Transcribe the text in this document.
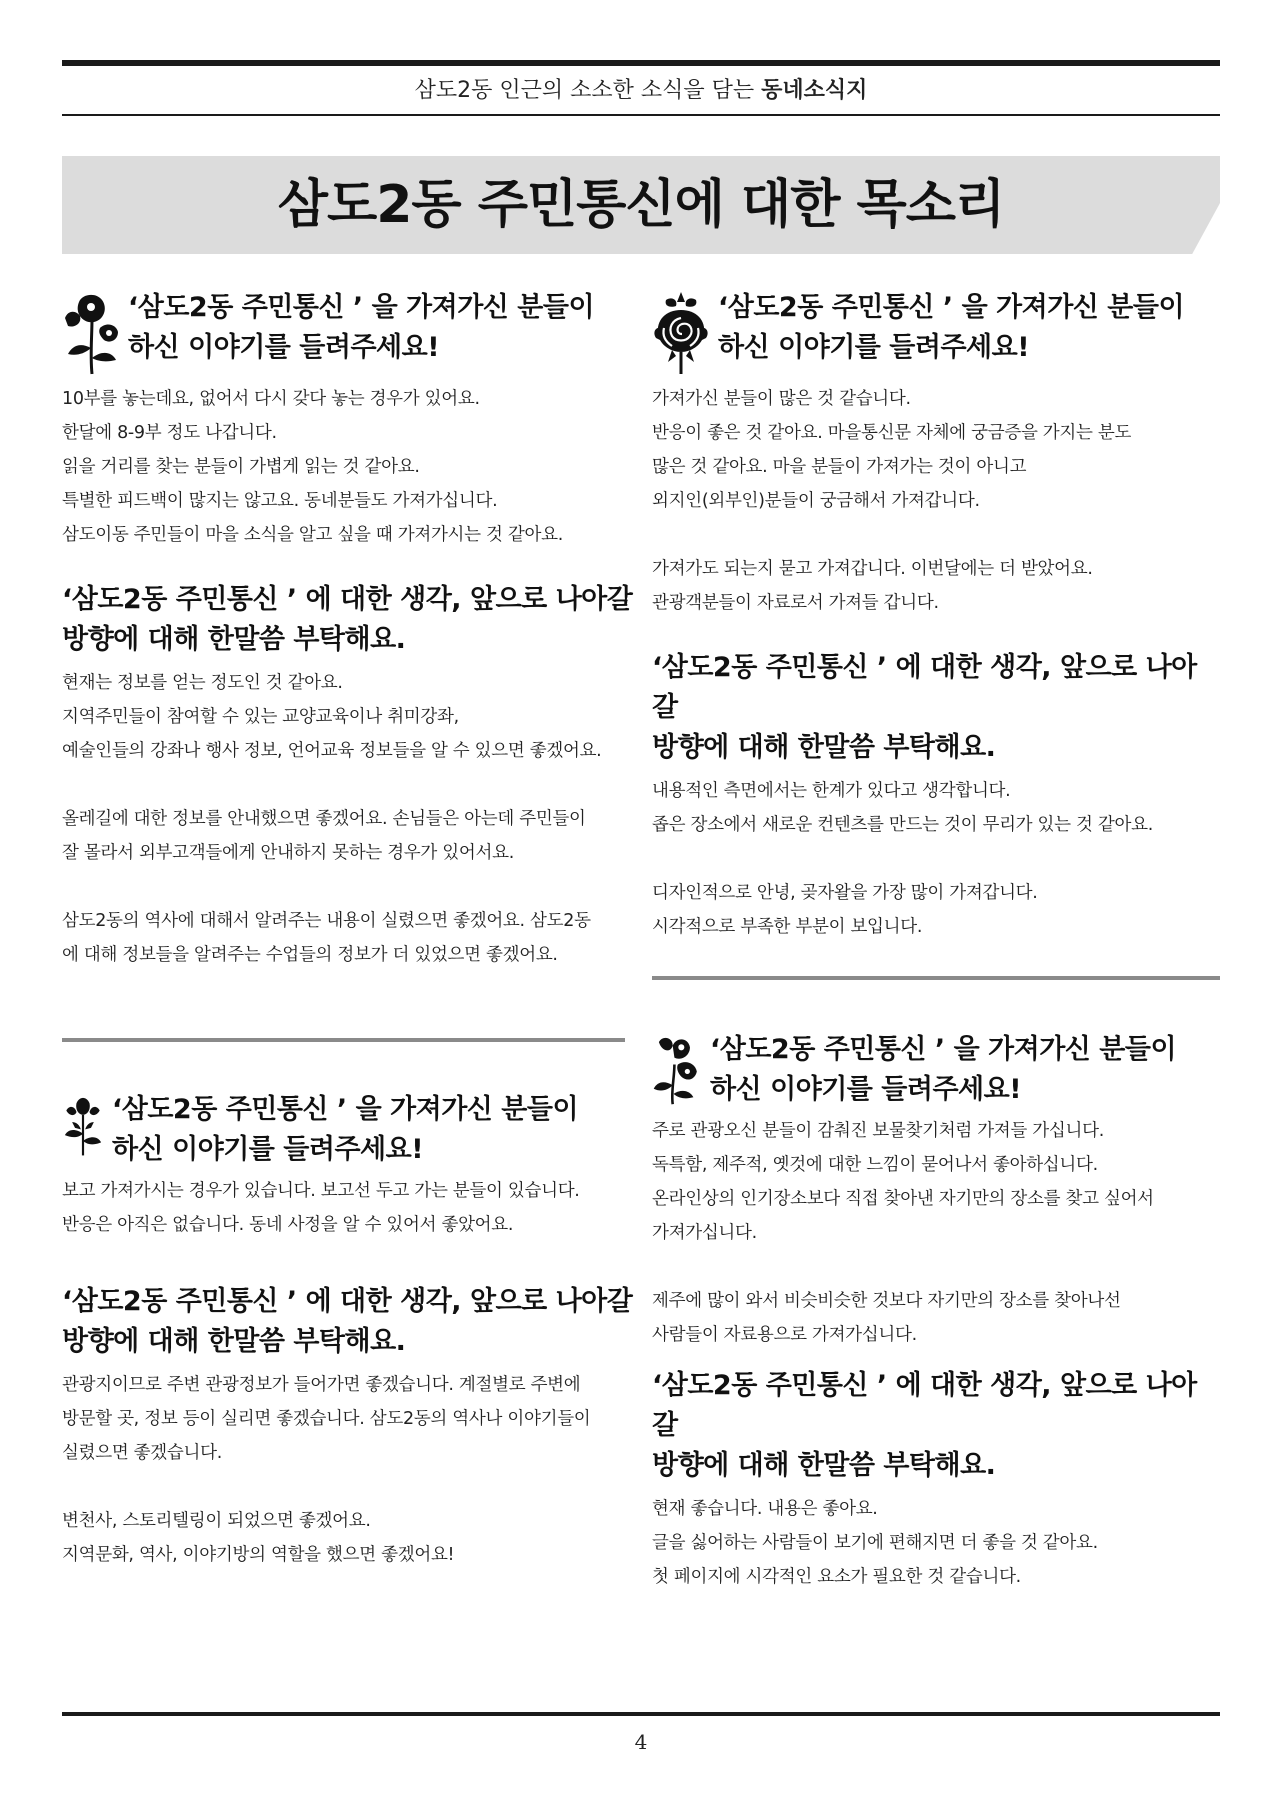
삼도2동 인근의 소소한 소식을 담는 동네소식지
삼도2동 주민통신에 대한 목소리

‘삼도2동 주민통신 ’ 을 가져가신 분들이

하신 이야기를 들려주세요!

10부를 놓는데요, 없어서 다시 갖다 놓는 경우가 있어요.

한달에 8-9부 정도 나갑니다.

읽을 거리를 찾는 분들이 가볍게 읽는 것 같아요.

특별한 피드백이 많지는 않고요. 동네분들도 가져가십니다.

삼도이동 주민들이 마을 소식을 알고 싶을 때 가져가시는 것 같아요.

‘삼도2동 주민통신 ’ 에 대한 생각, 앞으로 나아갈

방향에 대해 한말씀 부탁해요.

현재는 정보를 얻는 정도인 것 같아요.

지역주민들이 참여할 수 있는 교양교육이나 취미강좌,

예술인들의 강좌나 행사 정보, 언어교육 정보들을 알 수 있으면 좋겠어요.

올레길에 대한 정보를 안내했으면 좋겠어요. 손님들은 아는데 주민들이

잘 몰라서 외부고객들에게 안내하지 못하는 경우가 있어서요.

삼도2동의 역사에 대해서 알려주는 내용이 실렸으면 좋겠어요. 삼도2동

에 대해 정보들을 알려주는 수업들의 정보가 더 있었으면 좋겠어요.

‘삼도2동 주민통신 ’ 을 가져가신 분들이

하신 이야기를 들려주세요!

가져가신 분들이 많은 것 같습니다.

반응이 좋은 것 같아요. 마을통신문 자체에 궁금증을 가지는 분도

많은 것 같아요. 마을 분들이 가져가는 것이 아니고

외지인(외부인)분들이 궁금해서 가져갑니다.

가져가도 되는지 묻고 가져갑니다. 이번달에는 더 받았어요.

관광객분들이 자료로서 가져들 갑니다.

‘삼도2동 주민통신 ’ 에 대한 생각, 앞으로 나아갈

방향에 대해 한말씀 부탁해요.

내용적인 측면에서는 한계가 있다고 생각합니다.

좁은 장소에서 새로운 컨텐츠를 만드는 것이 무리가 있는 것 같아요.

디자인적으로 안녕, 곶자왈을 가장 많이 가져갑니다.

시각적으로 부족한 부분이 보입니다.

‘삼도2동 주민통신 ’ 을 가져가신 분들이

하신 이야기를 들려주세요!

보고 가져가시는 경우가 있습니다. 보고선 두고 가는 분들이 있습니다.

반응은 아직은 없습니다. 동네 사정을 알 수 있어서 좋았어요.

‘삼도2동 주민통신 ’ 에 대한 생각, 앞으로 나아갈

방향에 대해 한말씀 부탁해요.

관광지이므로 주변 관광정보가 들어가면 좋겠습니다. 계절별로 주변에

방문할 곳, 정보 등이 실리면 좋겠습니다. 삼도2동의 역사나 이야기들이

실렸으면 좋겠습니다.

변천사, 스토리텔링이 되었으면 좋겠어요.

지역문화, 역사, 이야기방의 역할을 했으면 좋겠어요!

‘삼도2동 주민통신 ’ 을 가져가신 분들이

하신 이야기를 들려주세요!

주로 관광오신 분들이 감춰진 보물찾기처럼 가져들 가십니다.

독특함, 제주적, 옛것에 대한 느낌이 묻어나서 좋아하십니다.

온라인상의 인기장소보다 직접 찾아낸 자기만의 장소를 찾고 싶어서

가져가십니다.

제주에 많이 와서 비슷비슷한 것보다 자기만의 장소를 찾아나선

사람들이 자료용으로 가져가십니다.

‘삼도2동 주민통신 ’ 에 대한 생각, 앞으로 나아갈

방향에 대해 한말씀 부탁해요.

현재 좋습니다. 내용은 좋아요.

글을 싫어하는 사람들이 보기에 편해지면 더 좋을 것 같아요.

첫 페이지에 시각적인 요소가 필요한 것 같습니다.

4
